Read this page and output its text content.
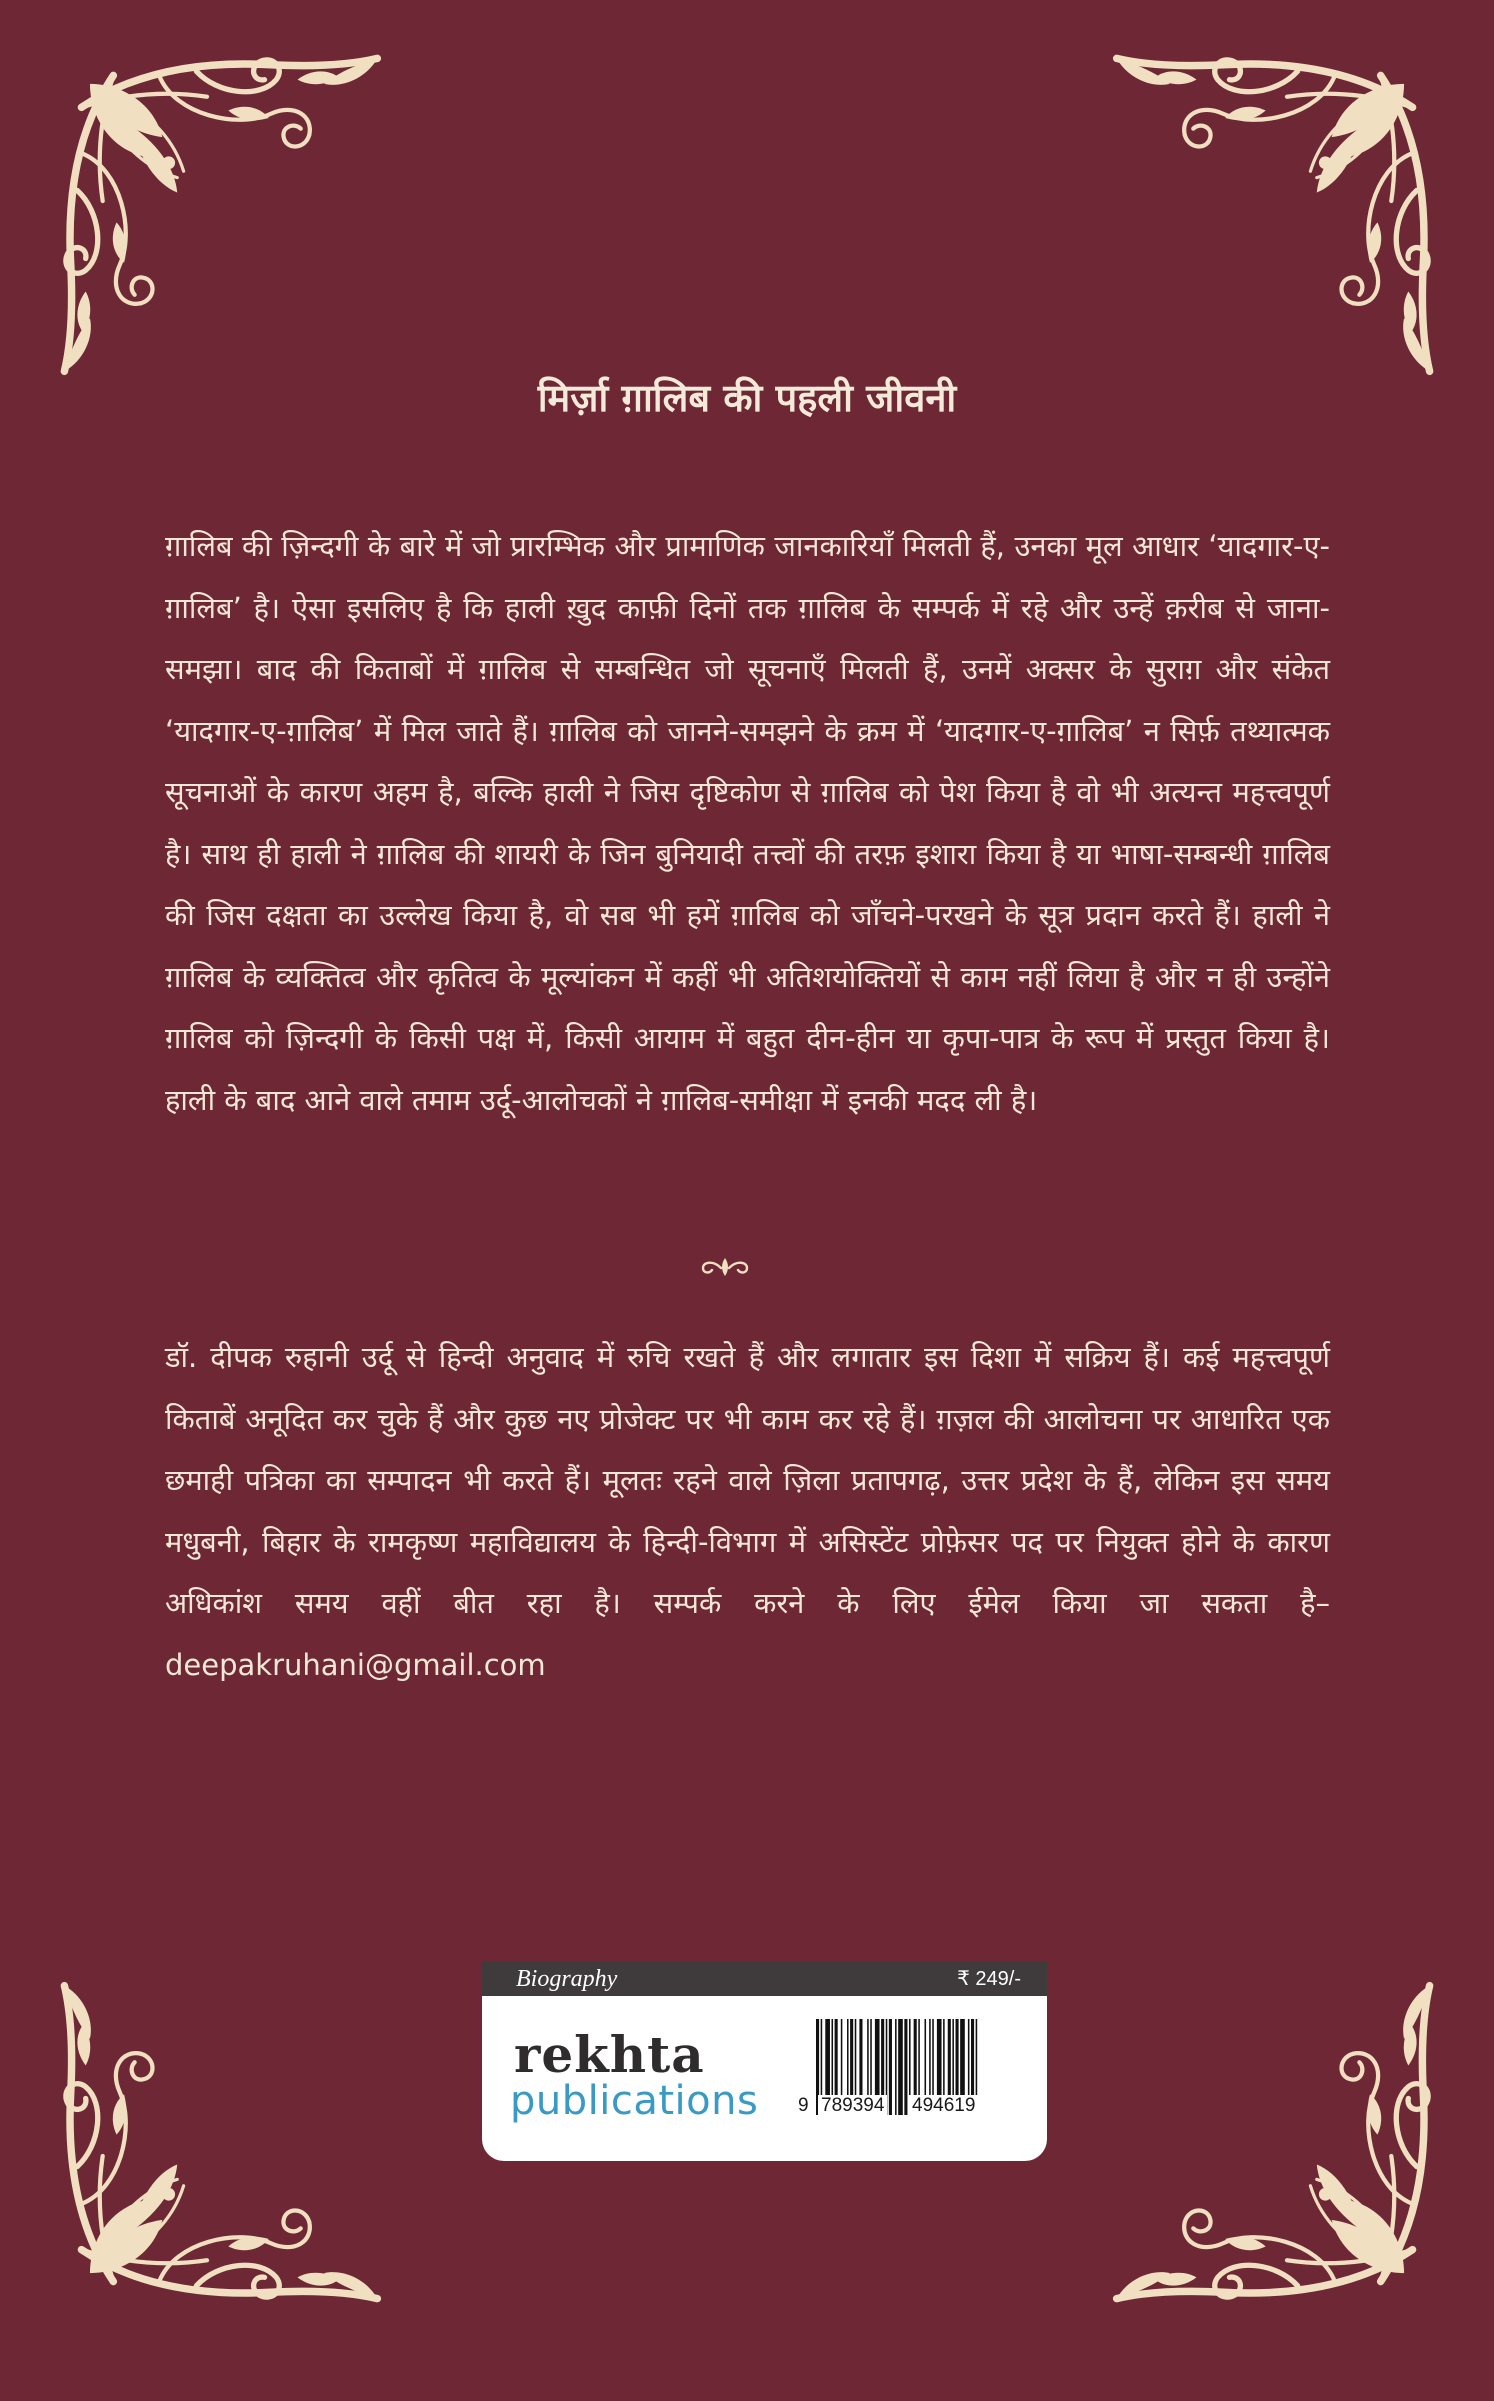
मिर्ज़ा ग़ालिब की पहली जीवनी

ग़ालिब की ज़िन्दगी के बारे में जो प्रारम्भिक और प्रामाणिक जानकारियाँ मिलती हैं, उनका मूल आधार ‘यादगार-ए-ग़ालिब’ है। ऐसा इसलिए है कि हाली ख़ुद काफ़ी दिनों तक ग़ालिब के सम्पर्क में रहे और उन्हें क़रीब से जाना-समझा। बाद की किताबों में ग़ालिब से सम्बन्धित जो सूचनाएँ मिलती हैं, उनमें अक्सर के सुराग़ और संकेत ‘यादगार-ए-ग़ालिब’ में मिल जाते हैं। ग़ालिब को जानने-समझने के क्रम में ‘यादगार-ए-ग़ालिब’ न सिर्फ़ तथ्यात्मक सूचनाओं के कारण अहम है, बल्कि हाली ने जिस दृष्टिकोण से ग़ालिब को पेश किया है वो भी अत्यन्त महत्त्वपूर्ण है। साथ ही हाली ने ग़ालिब की शायरी के जिन बुनियादी तत्त्वों की तरफ़ इशारा किया है या भाषा-सम्बन्धी ग़ालिब की जिस दक्षता का उल्लेख किया है, वो सब भी हमें ग़ालिब को जाँचने-परखने के सूत्र प्रदान करते हैं। हाली ने ग़ालिब के व्यक्तित्व और कृतित्व के मूल्यांकन में कहीं भी अतिशयोक्तियों से काम नहीं लिया है और न ही उन्होंने ग़ालिब को ज़िन्दगी के किसी पक्ष में, किसी आयाम में बहुत दीन-हीन या कृपा-पात्र के रूप में प्रस्तुत किया है। हाली के बाद आने वाले तमाम उर्दू-आलोचकों ने ग़ालिब-समीक्षा में इनकी मदद ली है।

डॉ. दीपक रुहानी उर्दू से हिन्दी अनुवाद में रुचि रखते हैं और लगातार इस दिशा में सक्रिय हैं। कई महत्त्वपूर्ण किताबें अनूदित कर चुके हैं और कुछ नए प्रोजेक्ट पर भी काम कर रहे हैं। ग़ज़ल की आलोचना पर आधारित एक छमाही पत्रिका का सम्पादन भी करते हैं। मूलतः रहने वाले ज़िला प्रतापगढ़, उत्तर प्रदेश के हैं, लेकिन इस समय मधुबनी, बिहार के रामकृष्ण महाविद्यालय के हिन्दी-विभाग में असिस्टेंट प्रोफ़ेसर पद पर नियुक्त होने के कारण अधिकांश समय वहीं बीत रहा है। सम्पर्क करने के लिए ईमेल किया जा सकता है– deepakruhani@gmail.com

Biography	₹ 249/-
rekhta
publications	9 789394 494619
